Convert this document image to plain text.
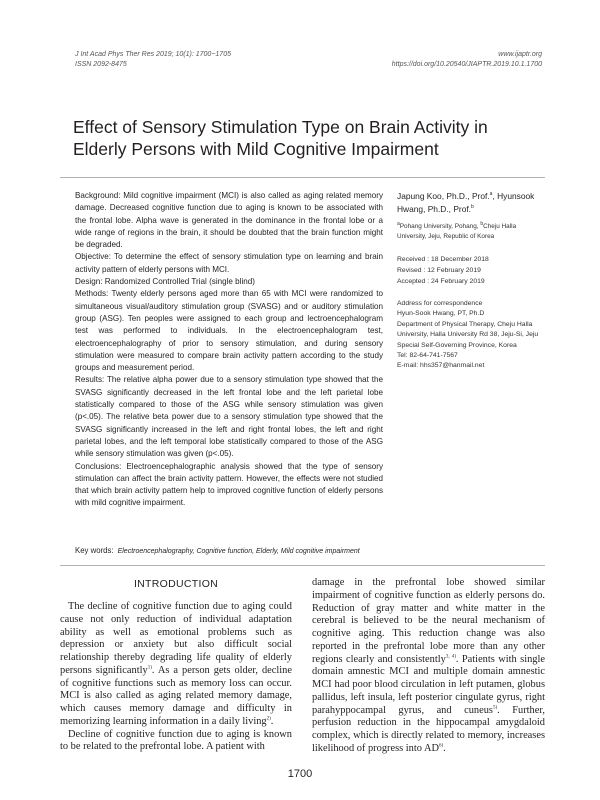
J Int Acad Phys Ther Res 2019; 10(1): 1700~1705
ISSN 2092-8475
www.ijaptr.org
https://doi.org/10.20540/JIAPTR.2019.10.1.1700
Effect of Sensory Stimulation Type on Brain Activity in
Elderly Persons with Mild Cognitive Impairment

Background: Mild cognitive impairment (MCI) is also called as aging related memory damage. Decreased cognitive function due to aging is known to be associated with the frontal lobe. Alpha wave is generated in the dominance in the frontal lobe or a wide range of regions in the brain, it should be doubted that the brain function might be degraded.

Objective: To determine the effect of sensory stimulation type on learning and brain activity pattern of elderly persons with MCI.

Design: Randomized Controlled Trial (single blind)

Methods: Twenty elderly persons aged more than 65 with MCI were randomized to simultaneous visual/auditory stimulation group (SVASG) and or auditory stimulation group (ASG). Ten peoples were assigned to each group and lectroencephalogram test was performed to individuals. In the electroencephalogram test, electroencephalography of prior to sensory stimulation, and during sensory stimulation were measured to compare brain activity pattern according to the study groups and measurement period.

Results: The relative alpha power due to a sensory stimulation type showed that the SVASG significantly decreased in the left frontal lobe and the left parietal lobe statistically compared to those of the ASG while sensory stimulation was given (p<.05). The relative beta power due to a sensory stimulation type showed that the SVASG significantly increased in the left and right frontal lobes, the left and right parietal lobes, and the left temporal lobe statistically compared to those of the ASG while sensory stimulation was given (p<.05).

Conclusions: Electroencephalographic analysis showed that the type of sensory stimulation can affect the brain activity pattern. However, the effects were not studied that which brain activity pattern help to improved cognitive function of elderly persons with mild cognitive impairment.

Japung Koo, Ph.D., Prof.$^a$, Hyunsook Hwang, Ph.D., Prof.$^b$
$^a$Pohang University, Pohang, $^b$Cheju Halla University, Jeju, Republic of Korea
Received : 18 December 2018
Revised : 12 February 2019
Accepted : 24 February 2019
Address for correspondence
Hyun-Sook Hwang, PT, Ph.D
Department of Physical Therapy, Cheju Halla University, Halla University Rd 38, Jeju-Si, Jeju Special Self-Governing Province, Korea
Tel: 82-64-741-7567
E-mail: hhs357@hanmail.net
Key words: Electroencephalography, Cognitive function, Elderly, Mild cognitive impairment
INTRODUCTION

The decline of cognitive function due to aging could cause not only reduction of individual adaptation ability as well as emotional problems such as depression or anxiety but also difficult social relationship thereby degrading life quality of elderly persons significantly$^{1)}$. As a person gets older, decline of cognitive functions such as memory loss can occur. MCI is also called as aging related memory damage, which causes memory damage and difficulty in memorizing learning information in a daily living$^{2)}$.

Decline of cognitive function due to aging is known to be related to the prefrontal lobe. A patient with

damage in the prefrontal lobe showed similar impairment of cognitive function as elderly persons do. Reduction of gray matter and white matter in the cerebral is believed to be the neural mechanism of cognitive aging. This reduction change was also reported in the prefrontal lobe more than any other regions clearly and consistently$^{3, 4)}$. Patients with single domain amnestic MCI and multiple domain amnestic MCI had poor blood circulation in left putamen, globus pallidus, left insula, left posterior cingulate gyrus, right parahyppocampal gyrus, and cuneus$^{5)}$. Further, perfusion reduction in the hippocampal amygdaloid complex, which is directly related to memory, increases likelihood of progress into AD$^{6)}$.

1700
